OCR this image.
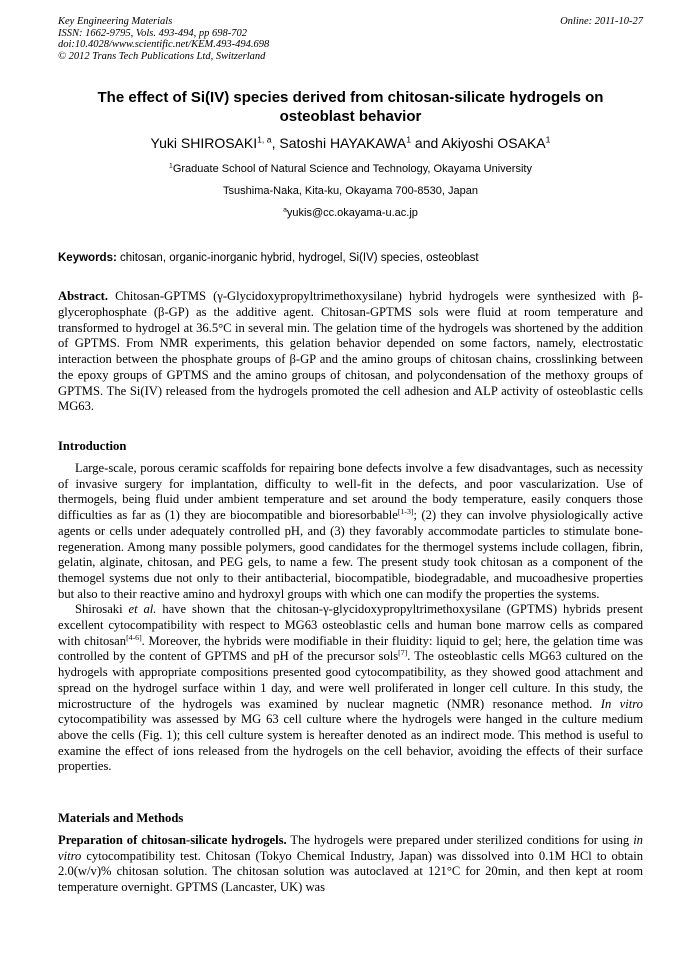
Key Engineering Materials	Online: 2011-10-27
ISSN: 1662-9795, Vols. 493-494, pp 698-702
doi:10.4028/www.scientific.net/KEM.493-494.698
© 2012 Trans Tech Publications Ltd, Switzerland
The effect of Si(IV) species derived from chitosan-silicate hydrogels on osteoblast behavior
Yuki SHIROSAKI$^{1, a}$, Satoshi HAYAKAWA$^1$ and Akiyoshi OSAKA$^1$
$^1$Graduate School of Natural Science and Technology, Okayama University
Tsushima-Naka, Kita-ku, Okayama 700-8530, Japan
$^a$yukis@cc.okayama-u.ac.jp
Keywords: chitosan, organic-inorganic hybrid, hydrogel, Si(IV) species, osteoblast
Abstract. Chitosan-GPTMS (γ-Glycidoxypropyltrimethoxysilane) hybrid hydrogels were synthesized with β-glycerophosphate (β-GP) as the additive agent. Chitosan-GPTMS sols were fluid at room temperature and transformed to hydrogel at 36.5°C in several min. The gelation time of the hydrogels was shortened by the addition of GPTMS. From NMR experiments, this gelation behavior depended on some factors, namely, electrostatic interaction between the phosphate groups of β-GP and the amino groups of chitosan chains, crosslinking between the epoxy groups of GPTMS and the amino groups of chitosan, and polycondensation of the methoxy groups of GPTMS. The Si(IV) released from the hydrogels promoted the cell adhesion and ALP activity of osteoblastic cells MG63.
Introduction
Large-scale, porous ceramic scaffolds for repairing bone defects involve a few disadvantages, such as necessity of invasive surgery for implantation, difficulty to well-fit in the defects, and poor vascularization. Use of thermogels, being fluid under ambient temperature and set around the body temperature, easily conquers those difficulties as far as (1) they are biocompatible and bioresorbable[1-3]; (2) they can involve physiologically active agents or cells under adequately controlled pH, and (3) they favorably accommodate particles to stimulate bone-regeneration. Among many possible polymers, good candidates for the thermogel systems include collagen, fibrin, gelatin, alginate, chitosan, and PEG gels, to name a few. The present study took chitosan as a component of the themogel systems due not only to their antibacterial, biocompatible, biodegradable, and mucoadhesive properties but also to their reactive amino and hydroxyl groups with which one can modify the properties the systems.
Shirosaki et al. have shown that the chitosan-γ-glycidoxypropyltrimethoxysilane (GPTMS) hybrids present excellent cytocompatibility with respect to MG63 osteoblastic cells and human bone marrow cells as compared with chitosan[4-6]. Moreover, the hybrids were modifiable in their fluidity: liquid to gel; here, the gelation time was controlled by the content of GPTMS and pH of the precursor sols[7]. The osteoblastic cells MG63 cultured on the hydrogels with appropriate compositions presented good cytocompatibility, as they showed good attachment and spread on the hydrogel surface within 1 day, and were well proliferated in longer cell culture. In this study, the microstructure of the hydrogels was examined by nuclear magnetic (NMR) resonance method. In vitro cytocompatibility was assessed by MG 63 cell culture where the hydrogels were hanged in the culture medium above the cells (Fig. 1); this cell culture system is hereafter denoted as an indirect mode. This method is useful to examine the effect of ions released from the hydrogels on the cell behavior, avoiding the effects of their surface properties.
Materials and Methods
Preparation of chitosan-silicate hydrogels. The hydrogels were prepared under sterilized conditions for using in vitro cytocompatibility test. Chitosan (Tokyo Chemical Industry, Japan) was dissolved into 0.1M HCl to obtain 2.0(w/v)% chitosan solution. The chitosan solution was autoclaved at 121°C for 20min, and then kept at room temperature overnight. GPTMS (Lancaster, UK) was
